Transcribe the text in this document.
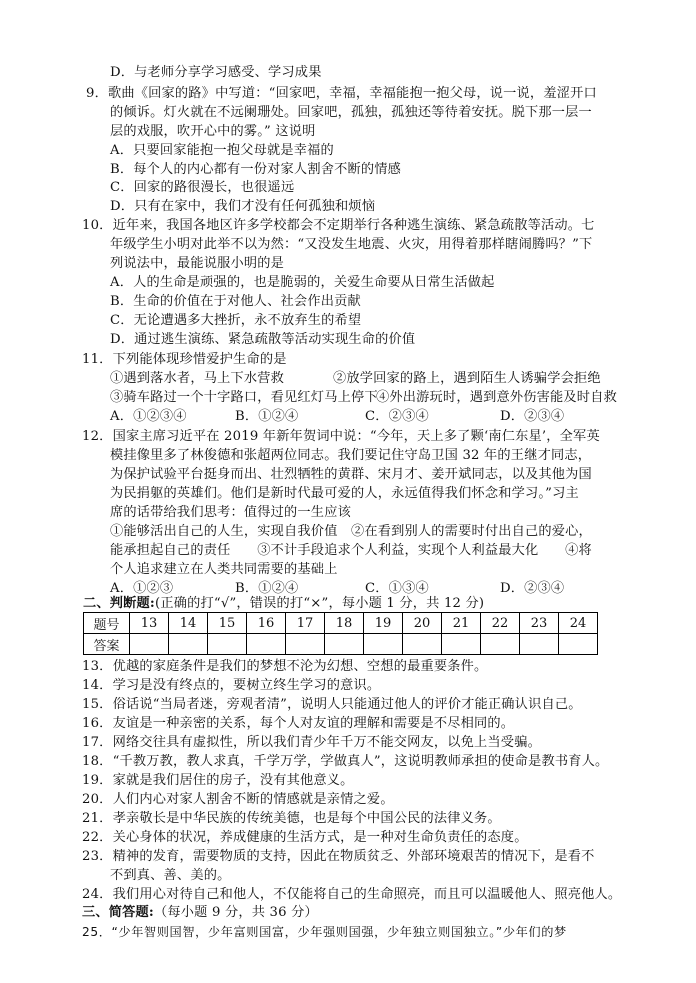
D．与老师分享学习感受、学习成果
9．歌曲《回家的路》中写道：“回家吧，幸福，幸福能抱一抱父母，说一说，羞涩开口
的倾诉。灯火就在不远阑珊处。回家吧，孤独，孤独还等待着安抚。脱下那一层一
层的戏服，吹开心中的雾。” 这说明
A．只要回家能抱一抱父母就是幸福的
B．每个人的内心都有一份对家人割舍不断的情感
C．回家的路很漫长，也很遥远
D．只有在家中，我们才没有任何孤独和烦恼
10．近年来，我国各地区许多学校都会不定期举行各种逃生演练、紧急疏散等活动。七
年级学生小明对此举不以为然：“又没发生地震、火灾，用得着那样瞎闹腾吗？”下
列说法中，最能说服小明的是
A．人的生命是顽强的，也是脆弱的，关爱生命要从日常生活做起
B．生命的价值在于对他人、社会作出贡献
C．无论遭遇多大挫折，永不放弃生的希望
D．通过逃生演练、紧急疏散等活动实现生命的价值
11．下列能体现珍惜爱护生命的是
①遇到落水者，马上下水营救	②放学回家的路上，遇到陌生人诱骗学会拒绝
③骑车路过一个十字路口，看见红灯马上停下
④外出游玩时，遇到意外伤害能及时自救
A．①②③④	B．①②④	C．②③④	D．②③④
12．国家主席习近平在 2019 年新年贺词中说：“今年，天上多了颗‘南仁东星’，全军英
模挂像里多了林俊德和张超两位同志。我们要记住守岛卫国 32 年的王继才同志，
为保护试验平台挺身而出、壮烈牺牲的黄群、宋月才、姜开斌同志，以及其他为国
为民捐躯的英雄们。他们是新时代最可爱的人，永远值得我们怀念和学习。”习主
席的话带给我们思考：值得过的一生应该
①能够活出自己的人生，实现自我价值　②在看到别人的需要时付出自己的爱心，
能承担起自己的责任　　③不计手段追求个人利益，实现个人利益最大化　　④将
个人追求建立在人类共同需要的基础上
A．①②③	B．①②④	C．①③④	D．②③④
二、判断题:(正确的打“√”，错误的打“×”，每小题 1 分，共 12 分)
题号	13	14	15	16	17	18	19	20	21	22	23	24
答案												
13．优越的家庭条件是我们的梦想不沦为幻想、空想的最重要条件。
14．学习是没有终点的，要树立终生学习的意识。
15．俗话说“当局者迷，旁观者清”，说明人只能通过他人的评价才能正确认识自己。
16．友谊是一种亲密的关系，每个人对友谊的理解和需要是不尽相同的。
17．网络交往具有虚拟性，所以我们青少年千万不能交网友，以免上当受骗。
18．“千教万教，教人求真，千学万学，学做真人”，这说明教师承担的使命是教书育人。
19．家就是我们居住的房子，没有其他意义。
20．人们内心对家人割舍不断的情感就是亲情之爱。
21．孝亲敬长是中华民族的传统美德，也是每个中国公民的法律义务。
22．关心身体的状况，养成健康的生活方式，是一种对生命负责任的态度。
23．精神的发育，需要物质的支持，因此在物质贫乏、外部环境艰苦的情况下，是看不
不到真、善、美的。
24．我们用心对待自己和他人，不仅能将自己的生命照亮，而且可以温暖他人、照亮他人。
三、简答题:（每小题 9 分，共 36 分）
25．“少年智则国智，少年富则国富，少年强则国强，少年独立则国独立。”少年们的梦
